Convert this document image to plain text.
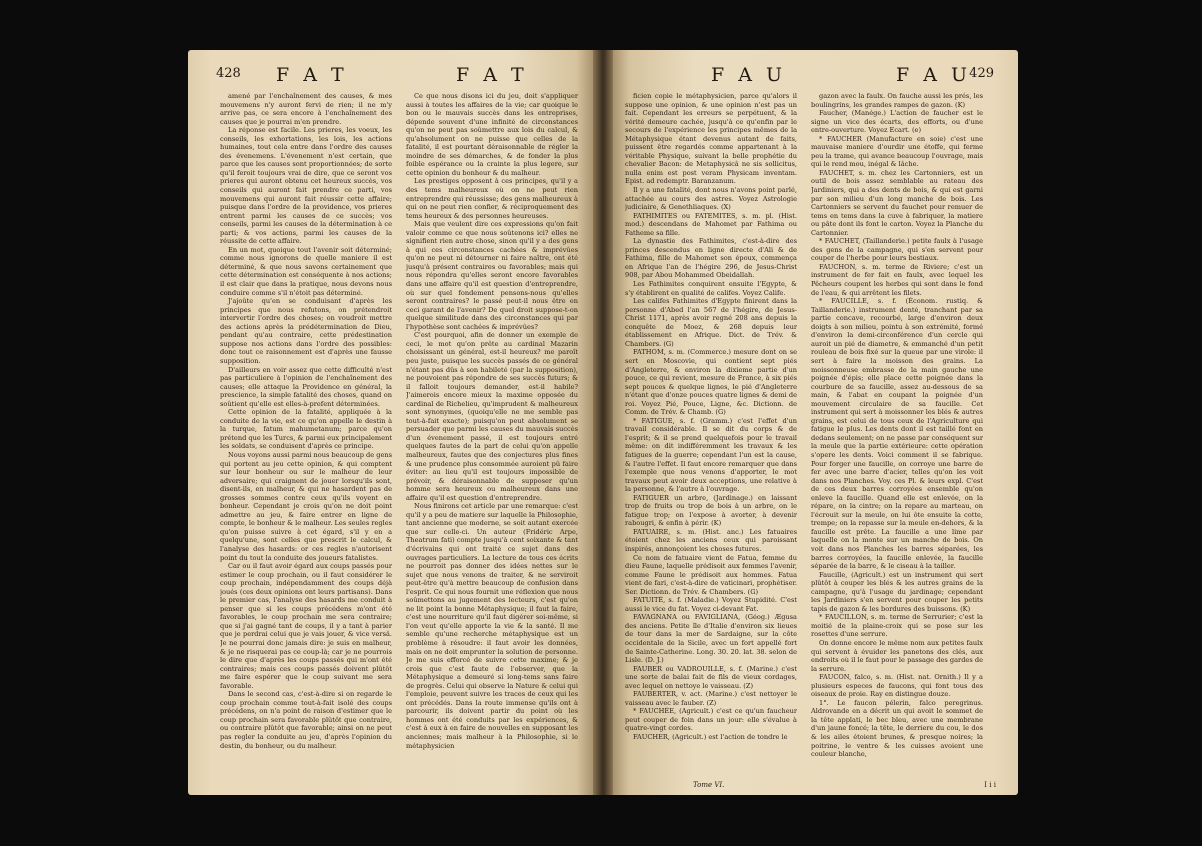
428 F A T	F A T

amené par l'enchaînement des causes, & mes mouvemens n'y auront fervi de rien; il ne m'y arrive pas, ce sera encore à l'enchaînement des causes que je pourrai m'en prendre.

La réponse est facile. Les prieres, les voeux, les conseils, les exhortations, les lois, les actions humaines, tout cela entre dans l'ordre des causes des évenemens. L'évenement n'est certain, que parce que les causes sont proportionnées; de sorte qu'il feroit toujours vrai de dire, que ce seront vos prieres qui auront obtenu cet heureux succès, vos conseils qui auront fait prendre ce parti, vos mouvemens qui auront fait réussir cette affaire; puisque dans l'ordre de la providence, vos prieres entrent parmi les causes de ce succès; vos conseils, parmi les causes de la détermination à ce parti; & vos actions, parmi les causes de la réussite de cette affaire.

En un mot, quoique tout l'avenir soit déterminé; comme nous ignorons de quelle maniere il est déterminé, & que nous savons certainement que cette détermination est conséquente à nos actions; il est clair que dans la pratique, nous devons nous conduire comme s'il n'étoit pas déterminé.

J'ajoûte qu'en se conduisant d'après les principes que nous refutons, on prétendroit intervertir l'ordre des choses; on voudroit mettre des actions après la prédétermination de Dieu, pendant qu'au contraire, cette prédestination suppose nos actions dans l'ordre des possibles: donc tout ce raisonnement est d'après une fausse supposition.

D'ailleurs en voir assez que cette difficulté n'est pas particuliere à l'opinion de l'enchaînement des causes; elle attaque la Providence en général, la prescience, la simple fatalité des choses, quand on soûtient qu'elle est elles-à-prefent déterminées.

Cette opinion de la fatalité, appliquée à la conduite de la vie, est ce qu'on appelle le destin à la turque, fatum mahumetanum; parce qu'on prétend que les Turcs, & parmi eux principalement les soldats, se conduisent d'après ce principe.

Nous voyons aussi parmi nous beaucoup de gens qui portent au jeu cette opinion, & qui comptent sur leur bonheur ou sur le malheur de leur adversaire; qui craignent de jouer lorsqu'ils sont, disent-ils, en malheur, & qui ne hasardent pas de grosses sommes contre ceux qu'ils voyent en bonheur. Cependant je crois qu'on ne doit point admettre au jeu, & faire entrer en ligne de compte, le bonheur & le malheur. Les seules regles qu'on puisse suivre à cet égard, s'il y en a quelqu'une, sont celles que prescrit le calcul, & l'analyse des hasards: or ces regles n'autorisent point du tout la conduite des joueurs fatalistes.

Car ou il faut avoir égard aux coups passés pour estimer le coup prochain, ou il faut considérer le coup prochain, indépendamment des coups déjà joués (ces deux opinions ont leurs partisans). Dans le premier cas, l'analyse des hasards me conduit à penser que si les coups précédens m'ont été favorables, le coup prochain me sera contraire; que si j'ai gagné tant de coups, il y a tant à parier que je perdrai celui que je vais jouer, & vice versâ. Je ne pourrai donc jamais dire: je suis en malheur, & je ne risquerai pas ce coup-là; car je ne pourrois le dire que d'après les coups passés qui m'ont été contraires; mais ces coups passés doivent plûtôt me faire espérer que le coup suivant me sera favorable.

Dans le second cas, c'est-à-dire si on regarde le coup prochain comme tout-à-fait isolé des coups précédens, on n'a point de raison d'estimer que le coup prochain sera favorable plûtôt que contraire, ou contraire plûtôt que favorable; ainsi on ne peut pas regler la conduite au jeu, d'après l'opinion du destin, du bonheur, ou du malheur.

Ce que nous disons ici du jeu, doit s'appliquer aussi à toutes les affaires de la vie; car quoique le bon ou le mauvais succès dans les entreprises, dépende souvent d'une infinité de circonstances qu'on ne peut pas soûmettre aux lois du calcul, & qu'absolument on ne puisse que celles de la fatalité, il est pourtant déraisonnable de régler la moindre de ses démarches, & de fonder la plus foible espérance ou la crainte la plus legere, sur cette opinion du bonheur & du malheur.

Les prestiges opposent à ces principes, qu'il y a des tems malheureux où on ne peut rien entreprendre qui réussisse; des gens malheureux à qui on ne peut rien confier, & réciproquement des tems heureux & des personnes heureuses.

Mais que veulent dire ces expressions qu'on fait valoir comme ce que nous soûtenons ici? elles ne signifient rien autre chose, sinon qu'il y a des gens à qui ces circonstances cachées & imprévûes qu'on ne peut ni détourner ni faire naître, ont été jusqu'à présent contraires ou favorables; mais qui nous répondra qu'elles seront encore favorables dans une affaire qu'il est question d'entreprendre, où sur quel fondement pensons-nous qu'elles seront contraires? le passé peut-il nous être en ceci garant de l'avenir? De quel droit suppose-t-on quelque similitude dans des circonstances qui par l'hypothèse sont cachées & imprévûes?

C'est pourquoi, afin de donner un exemple de ceci, le mot qu'on prête au cardinal Mazarin choisissant un général, est-il heureux? me paroît peu juste, puisque les succès passés de ce général n'étant pas dûs à son habileté (par la supposition), ne pouvoient pas répondre de ses succès futurs; & il falloit toujours demander, est-il habile? J'aimerois encore mieux la maxime opposée du cardinal de Richelieu, qu'imprudent & malheureux sont synonymes, (quoiqu'elle ne me semble pas tout-à-fait exacte); puisqu'on peut absolument se persuader que parmi les causes du mauvais succès d'un évenement passé, il est toujours entré quelques fautes de la part de celui qu'on appelle malheureux, fautes que des conjectures plus fines & une prudence plus consommée auroient pû faire éviter: au lieu qu'il est toujours impossible de prévoir, & déraisonnable de supposer qu'un homme sera heureux ou malheureux dans une affaire qu'il est question d'entreprendre.

Nous finirons cet article par une remarque: c'est qu'il y a peu de matiere sur laquelle la Philosophie, tant ancienne que moderne, se soit autant exercée que sur celle-ci. Un auteur (Fridéric Arpe, Theatrum fati) compte jusqu'à cent soixante & tant d'écrivains qui ont traité ce sujet dans des ouvrages particuliers. La lecture de tous ces écrits ne pourroit pas donner des idées nettes sur le sujet que nous venons de traiter, & ne serviroit peut-être qu'à mettre beaucoup de confusion dans l'esprit. Ce qui nous fournit une réflexion que nous soûmettons au jugement des lecteurs, c'est qu'on ne lit point la bonne Métaphysique; il faut la faire, c'est une nourriture qu'il faut digérer soi-même, si l'on veut qu'elle apporte la vie & la santé. Il me semble qu'une recherche métaphysique est un problème à résoudre: il faut avoir les données, mais on ne doit emprunter la solution de personne. Je me suis efforcé de suivre cette maxime; & je crois que c'est faute de l'observer, que la Métaphysique a demeuré si long-tems sans faire de progrès. Celui qui observe la Nature & celui qui l'emploie, peuvent suivre les traces de ceux qui les ont précédés. Dans la route immense qu'ils ont à parcourir, ils doivent partir du point où les hommes ont été conduits par les expériences, & c'est à eux à en faire de nouvelles en supposant les anciennes; mais malheur à la Philosophie, si le métaphysicien

F A U	F A U
429

ficien copie le métaphysicien, parce qu'alors il suppose une opinion, & une opinion n'est pas un fait. Cependant les erreurs se perpétuent, & la vérité demeure cachée, jusqu'à ce qu'enfin par le secours de l'expérience les principes mêmes de la Métaphysique étant devenus autant de faits, puissent être regardés comme appartenant à la véritable Physique, suivant la belle prophétie du chevalier Bacon: de Metaphysicâ ne sis sollicitus, nulla enim est post veram Physicam inventam. Epist. ad redemptr. Baranzanum.

Il y a une fatalité, dont nous n'avons point parlé, attachée au cours des astres. Voyez Astrologie judiciaire, & Genethliaques. (X)

FATHIMITES ou FATEMITES, s. m. pl. (Hist. mod.) descendans de Mahomet par Fathima ou Fatheme sa fille.

La dynastie des Fathimites, c'est-à-dire des princes descendus en ligne directe d'Ali & de Fathima, fille de Mahomet son époux, commença en Afrique l'an de l'hégire 296, de Jesus-Christ 908, par Abou Mohammed Obeidallah.

Les Fathimites conquirent ensuite l'Egypte, & s'y établirent en qualité de califes. Voyez Calife.

Les califes Fathimites d'Egypte finirent dans la personne d'Abed l'an 567 de l'hégire, de Jesus-Christ 1171, après avoir regné 208 ans depuis la conquête de Moez, & 268 depuis leur établissement en Afrique. Dict. de Trév. & Chambers. (G)

FATHOM, s. m. (Commerce.) mesure dont on se sert en Moscovie, qui contient sept piés d'Angleterre, & environ la dixieme partie d'un pouce, ce qui revient, mesure de France, à six piés sept pouces & quelque lignes, le pié d'Angleterre n'étant que d'onze pouces quatre lignes & demi de roi. Voyez Pié, Pouce, Ligne, &c. Dictionn. de Comm. de Trév. & Chamb. (G)

* FATIGUE, s. f. (Gramm.) c'est l'effet d'un travail considérable. Il se dit du corps & de l'esprit; & il se prend quelquefois pour le travail même: on dit indifféremment les travaux & les fatigues de la guerre; cependant l'un est la cause, & l'autre l'effet. Il faut encore remarquer que dans l'exemple que nous venons d'apporter, le mot travaux peut avoir deux acceptions, une relative à la personne, & l'autre à l'ouvrage.

FATIGUER un arbre, (Jardinage.) en laissant trop de fruits ou trop de bois à un arbre, on le fatigue trop; on l'expose à avorter, à devenir rabougri, & enfin à périr. (K)

FATUAIRE, s. m. (Hist. anc.) Les fatuaires étoient chez les anciens ceux qui paroissant inspirés, annonçoient les choses futures.

Ce nom de fatuaire vient de Fatua, femme du dieu Faune, laquelle prédisoit aux femmes l'avenir, comme Faune le prédisoit aux hommes. Fatua vient de fari, c'est-à-dire de vaticinari, prophétiser. Ser. Dictionn. de Trév. & Chambers. (G)

FATUITÉ, s. f. (Maladie.) Voyez Stupidité. C'est aussi le vice du fat. Voyez ci-devant Fat.

FAVAGNANA ou FAVIGLIANA, (Géog.) Ægusa des anciens. Petite île d'Italie d'environ six lieues de tour dans la mer de Sardaigne, sur la côte occidentale de la Sicile, avec un fort appellé fort de Sainte-Catherine. Long. 30. 20. lat. 38. selon de Lisle. (D. J.)

FAUBER ou VADROUILLE, s. f. (Marine.) c'est une sorte de balai fait de fils de vieux cordages, avec lequel on nettoye le vaisseau. (Z)

FAUBERTER, v. act. (Marine.) c'est nettoyer le vaisseau avec le fauber. (Z)

* FAUCHÉE, (Agricult.) c'est ce qu'un faucheur peut couper de foin dans un jour: elle s'évalue à quatre-vingt cordes.

FAUCHER, (Agricult.) est l'action de tondre le

gazon avec la faulx. On fauche aussi les prés, les boulingrins, les grandes rampes de gazon. (K)

Faucher, (Manége.) L'action de faucher est le signe un vice des écarts, des efforts, ou d'une entre-ouverture. Voyez Ecart. (e)

* FAUCHER (Manufacture en soie) c'est une mauvaise maniere d'ourdir une étoffe, qui ferme peu la trame, qui avance beaucoup l'ouvrage, mais qui le rend mou, inégal & lâche.

FAUCHET, s. m. chez les Cartonniers, est un outil de bois assez semblable au rateau des Jardiniers, qui a des dents de bois, & qui est garni par son milieu d'un long manche de bois. Les Cartonniers se servent du fauchet pour remuer de tems en tems dans la cuve à fabriquer, la matiere ou pâte dont ils font le carton. Voyez la Planche du Cartonnier.

* FAUCHET, (Taillanderie.) petite faulx à l'usage des gens de la campagne, qui s'en servent pour couper de l'herbe pour leurs bestiaux.

FAUCHON, s. m. terme de Riviere; c'est un instrument de fer fait en faulx, avec lequel les Pêcheurs coupent les herbes qui sont dans le fond de l'eau, & qui arrêtent les filets.

* FAUCILLE, s. f. (Économ. rustiq. & Taillanderie.) instrument denté, tranchant par sa partie concave, recourbé, large d'environ deux doigts à son milieu, pointu à son extrémité, formé d'environ la demi-circonférence d'un cercle qui auroit un pié de diametre, & emmanché d'un petit rouleau de bois fixé sur la queue par une virole: il sert à faire la moisson des grains. La moissonneuse embrasse de la main gauche une poignée d'épis; elle place cette poignée dans la courbure de sa faucille, assez au-dessous de sa main, & l'abat en coupant la poignée d'un mouvement circulaire de sa faucille. Cet instrument qui sert à moissonner les blés & autres grains, est celui de tous ceux de l'Agriculture qui fatigue le plus. Les dents dont il est taillé font en dedans seulement; on ne passe par conséquent sur la meule que la partie extérieure: cette opération s'opere les dents. Voici comment il se fabrique. Pour forger une faucille, on corroye une barre de fer avec une barre d'acier, telles qu'on les voit dans nos Planches. Voy. ces Pl. & leurs expl. C'est de ces deux barres corroyées ensemble qu'on enleve la faucille. Quand elle est enlevée, on la répare, on la cintre; on la repare au marteau, on l'écrouit sur la meule, on lui ôte ensuite la cotte, trempe; on la repasse sur la meule en-dehors, & la faucille est prête. La faucille a une lime par laquelle on la monte sur un manche de bois. On voit dans nos Planches les barres séparées, les barres corroyées, la faucille enlevée, la faucille séparée de la barre, & le ciseau à la tailler.

Faucille, (Agricult.) est un instrument qui sert plûtôt à couper les blés & les autres grains de la campagne, qu'à l'usage du jardinage; cependant les Jardiniers s'en servent pour couper les petits tapis de gazon & les bordures des buissons. (K)

* FAUCILLON, s. m. terme de Serrurier; c'est la moitié de la plaine-croix qui se pose sur les rosettes d'une serrure.

On donne encore le même nom aux petites faulx qui servent à évuider les panetons des clés, aux endroits où il le faut pour le passage des gardes de la serrure.

FAUCON, falco, s. m. (Hist. nat. Ornith.) Il y a plusieurs especes de faucons, qui font tous des oiseaux de proie. Ray en distingue douze.

1°. Le faucon pélerin, falco peregrinus. Aldrovande en a décrit un qui avoit le sommet de la tête applati, le bec bleu, avec une membrane d'un jaune foncé; la tête, le derriere du cou, le dos & les ailes étoient brunes, & presque noires; la poitrine, le ventre & les cuisses avoient une couleur blanche,

Tome VI.	I i i
